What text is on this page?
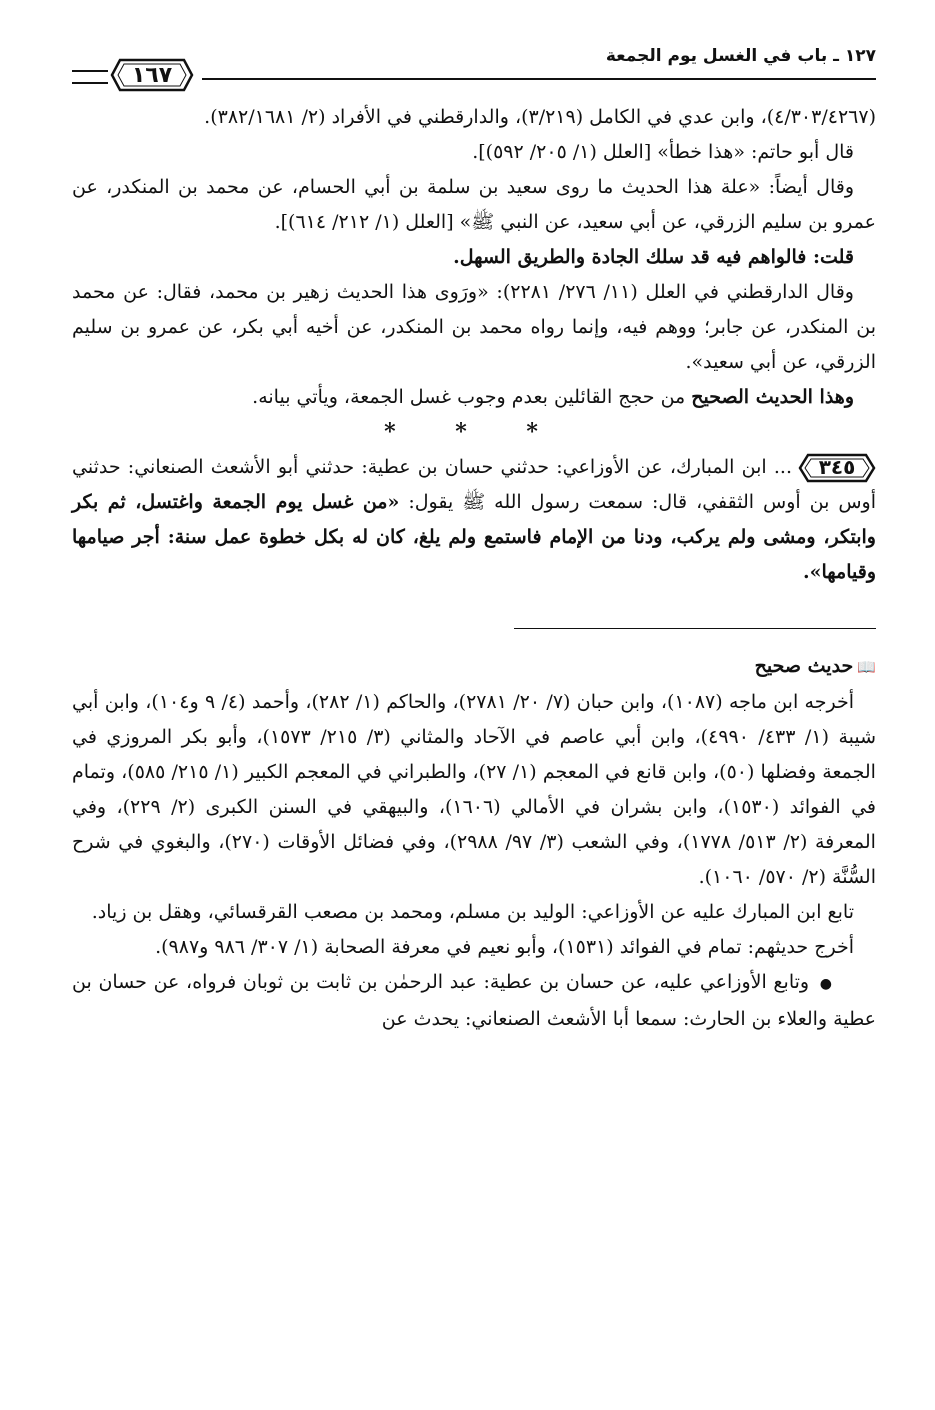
١٢٧ ـ باب في الغسل يوم الجمعة
١٦٧

(٤/٣٠٣/٤٢٦٧)، وابن عدي في الكامل (٣/٢١٩)، والدارقطني في الأفراد (٢/ ٣٨٢/١٦٨١).

قال أبو حاتم: «هذا خطأ» [العلل (١/ ٢٠٥/ ٥٩٢)].

وقال أيضاً: «علة هذا الحديث ما روى سعيد بن سلمة بن أبي الحسام، عن محمد بن المنكدر، عن عمرو بن سليم الزرقي، عن أبي سعيد، عن النبي ﷺ» [العلل (١/ ٢١٢/ ٦١٤)].

قلت: فالواهم فيه قد سلك الجادة والطريق السهل.

وقال الدارقطني في العلل (١١/ ٢٧٦/ ٢٢٨١): «ورَوى هذا الحديث زهير بن محمد، فقال: عن محمد بن المنكدر، عن جابر؛ ووهم فيه، وإنما رواه محمد بن المنكدر، عن أخيه أبي بكر، عن عمرو بن سليم الزرقي، عن أبي سعيد».

وهذا الحديث الصحيح من حجج القائلين بعدم وجوب غسل الجمعة، ويأتي بيانه.

* * *

٣٤٥
... ابن المبارك، عن الأوزاعي: حدثني حسان بن عطية: حدثني أبو الأشعث الصنعاني: حدثني أوس بن أوس الثقفي، قال: سمعت رسول الله ﷺ يقول: «من غسل يوم الجمعة واغتسل، ثم بكر وابتكر، ومشى ولم يركب، ودنا من الإمام فاستمع ولم يلغ، كان له بكل خطوة عمل سنة: أجر صيامها وقيامها».

📖حديث صحيح

أخرجه ابن ماجه (١٠٨٧)، وابن حبان (٧/ ٢٠/ ٢٧٨١)، والحاكم (١/ ٢٨٢)، وأحمد (٤/ ٩ و١٠٤)، وابن أبي شيبة (١/ ٤٣٣/ ٤٩٩٠)، وابن أبي عاصم في الآحاد والمثاني (٣/ ٢١٥/ ١٥٧٣)، وأبو بكر المروزي في الجمعة وفضلها (٥٠)، وابن قانع في المعجم (١/ ٢٧)، والطبراني في المعجم الكبير (١/ ٢١٥/ ٥٨٥)، وتمام في الفوائد (١٥٣٠)، وابن بشران في الأمالي (١٦٠٦)، والبيهقي في السنن الكبرى (٢/ ٢٢٩)، وفي المعرفة (٢/ ٥١٣/ ١٧٧٨)، وفي الشعب (٣/ ٩٧/ ٢٩٨٨)، وفي فضائل الأوقات (٢٧٠)، والبغوي في شرح السُّنَّة (٢/ ٥٧٠/ ١٠٦٠).

تابع ابن المبارك عليه عن الأوزاعي: الوليد بن مسلم، ومحمد بن مصعب القرقسائي، وهقل بن زياد.

أخرج حديثهم: تمام في الفوائد (١٥٣١)، وأبو نعيم في معرفة الصحابة (١/ ٣٠٧/ ٩٨٦ و٩٨٧).

● وتابع الأوزاعي عليه، عن حسان بن عطية: عبد الرحمٰن بن ثابت بن ثوبان فرواه، عن حسان بن عطية والعلاء بن الحارث: سمعا أبا الأشعث الصنعاني: يحدث عن
